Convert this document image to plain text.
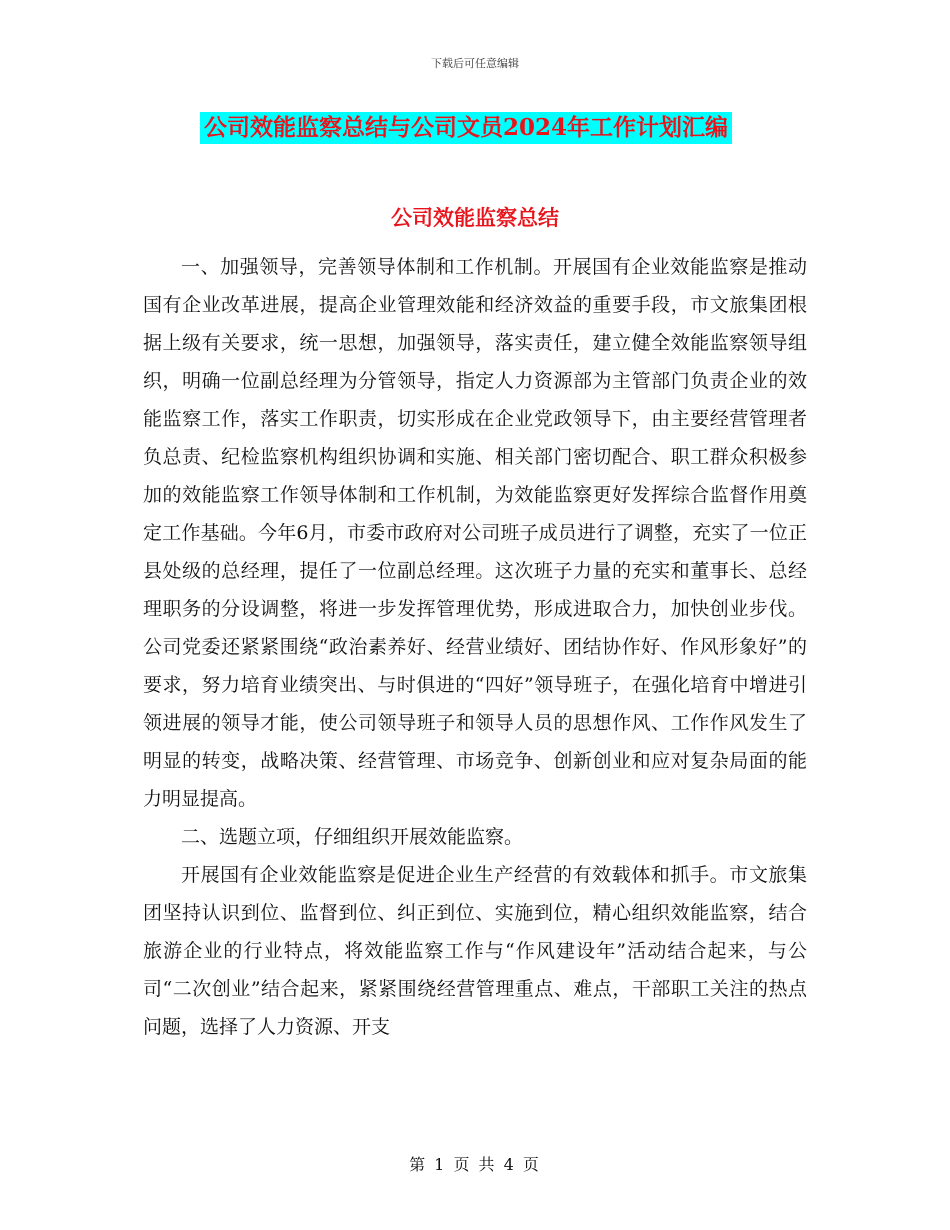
下载后可任意编辑
公司效能监察总结与公司文员2024年工作计划汇编
公司效能监察总结

一、加强领导，完善领导体制和工作机制。开展国有企业效能监察是推动国有企业改革进展，提高企业管理效能和经济效益的重要手段，市文旅集团根据上级有关要求，统一思想，加强领导，落实责任，建立健全效能监察领导组织，明确一位副总经理为分管领导，指定人力资源部为主管部门负责企业的效能监察工作，落实工作职责，切实形成在企业党政领导下，由主要经营管理者负总责、纪检监察机构组织协调和实施、相关部门密切配合、职工群众积极参加的效能监察工作领导体制和工作机制，为效能监察更好发挥综合监督作用奠定工作基础。今年6月，市委市政府对公司班子成员进行了调整，充实了一位正县处级的总经理，提任了一位副总经理。这次班子力量的充实和董事长、总经理职务的分设调整，将进一步发挥管理优势，形成进取合力，加快创业步伐。公司党委还紧紧围绕“政治素养好、经营业绩好、团结协作好、作风形象好”的要求，努力培育业绩突出、与时俱进的“四好”领导班子，在强化培育中增进引领进展的领导才能，使公司领导班子和领导人员的思想作风、工作作风发生了明显的转变，战略决策、经营管理、市场竞争、创新创业和应对复杂局面的能力明显提高。

二、选题立项，仔细组织开展效能监察。

开展国有企业效能监察是促进企业生产经营的有效载体和抓手。市文旅集团坚持认识到位、监督到位、纠正到位、实施到位，精心组织效能监察，结合旅游企业的行业特点，将效能监察工作与“作风建设年”活动结合起来，与公司“二次创业”结合起来，紧紧围绕经营管理重点、难点，干部职工关注的热点问题，选择了人力资源、开支

第 1 页 共 4 页
